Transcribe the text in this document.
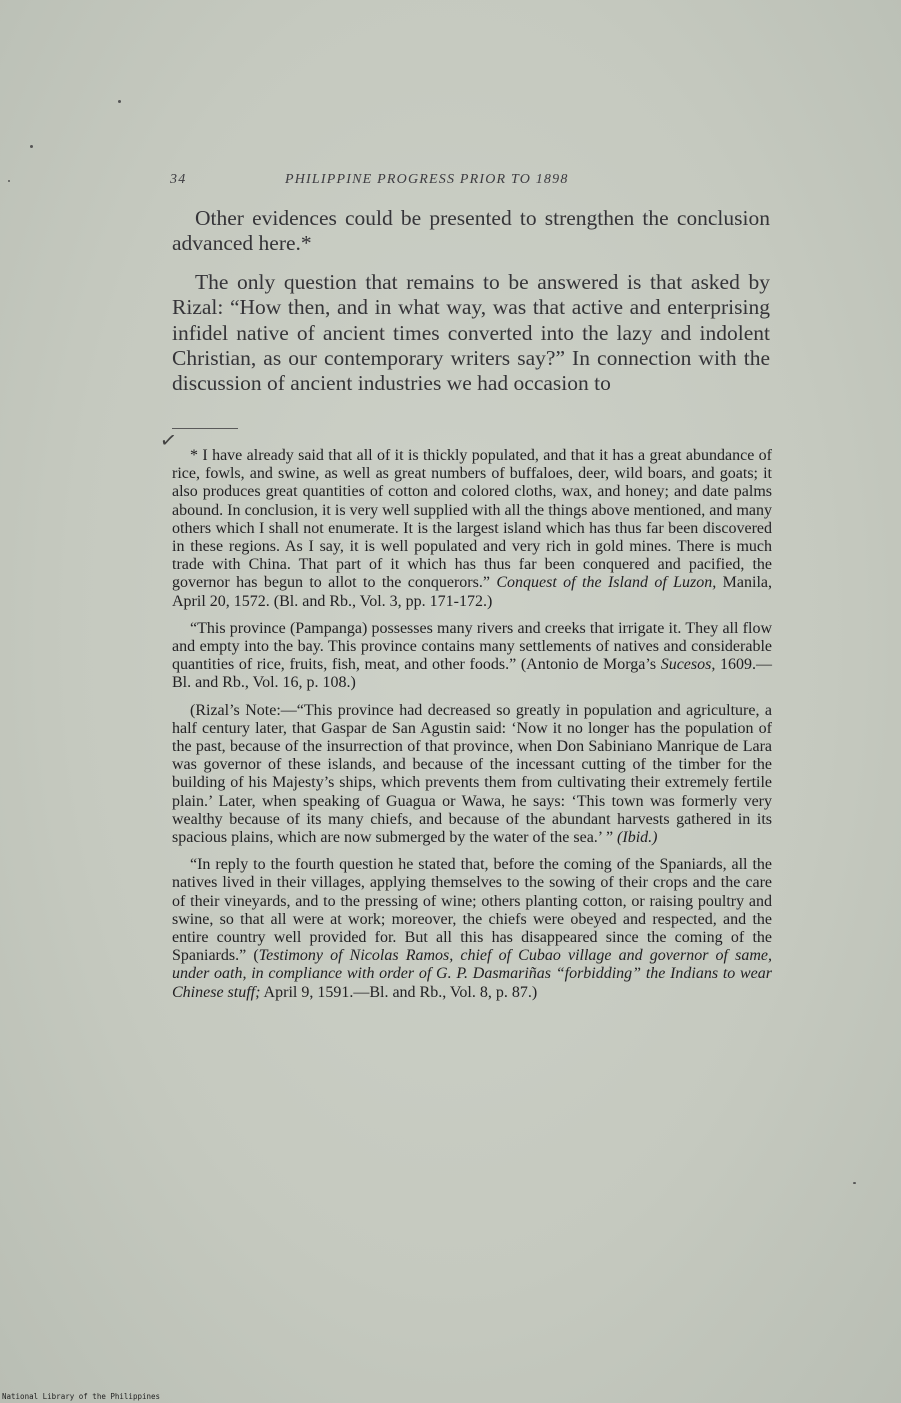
34	PHILIPPINE PROGRESS PRIOR TO 1898

Other evidences could be presented to strengthen the conclusion advanced here.*

The only question that remains to be answered is that asked by Rizal: “How then, and in what way, was that active and enterprising infidel native of ancient times converted into the lazy and indolent Christian, as our contemporary writers say?” In connection with the discussion of ancient industries we had occasion to

✓

* I have already said that all of it is thickly populated, and that it has a great abundance of rice, fowls, and swine, as well as great numbers of buffaloes, deer, wild boars, and goats; it also produces great quantities of cotton and colored cloths, wax, and honey; and date palms abound. In conclusion, it is very well supplied with all the things above mentioned, and many others which I shall not enumerate. It is the largest island which has thus far been discovered in these regions. As I say, it is well populated and very rich in gold mines. There is much trade with China. That part of it which has thus far been conquered and pacified, the governor has begun to allot to the conquerors.” Conquest of the Island of Luzon, Manila, April 20, 1572. (Bl. and Rb., Vol. 3, pp. 171-172.)

“This province (Pampanga) possesses many rivers and creeks that irrigate it. They all flow and empty into the bay. This province contains many settlements of natives and considerable quantities of rice, fruits, fish, meat, and other foods.” (Antonio de Morga’s Sucesos, 1609.—Bl. and Rb., Vol. 16, p. 108.)

(Rizal’s Note:—“This province had decreased so greatly in population and agriculture, a half century later, that Gaspar de San Agustin said: ‘Now it no longer has the population of the past, because of the insurrection of that province, when Don Sabiniano Manrique de Lara was governor of these islands, and because of the incessant cutting of the timber for the building of his Majesty’s ships, which prevents them from cultivating their extremely fertile plain.’ Later, when speaking of Guagua or Wawa, he says: ‘This town was formerly very wealthy because of its many chiefs, and because of the abundant harvests gathered in its spacious plains, which are now submerged by the water of the sea.’ ” (Ibid.)

“In reply to the fourth question he stated that, before the coming of the Spaniards, all the natives lived in their villages, applying themselves to the sowing of their crops and the care of their vineyards, and to the pressing of wine; others planting cotton, or raising poultry and swine, so that all were at work; moreover, the chiefs were obeyed and respected, and the entire country well provided for. But all this has disappeared since the coming of the Spaniards.” (Testimony of Nicolas Ramos, chief of Cubao village and governor of same, under oath, in compliance with order of G. P. Dasmariñas “forbidding” the Indians to wear Chinese stuff; April 9, 1591.—Bl. and Rb., Vol. 8, p. 87.)

National Library of the Philippines
